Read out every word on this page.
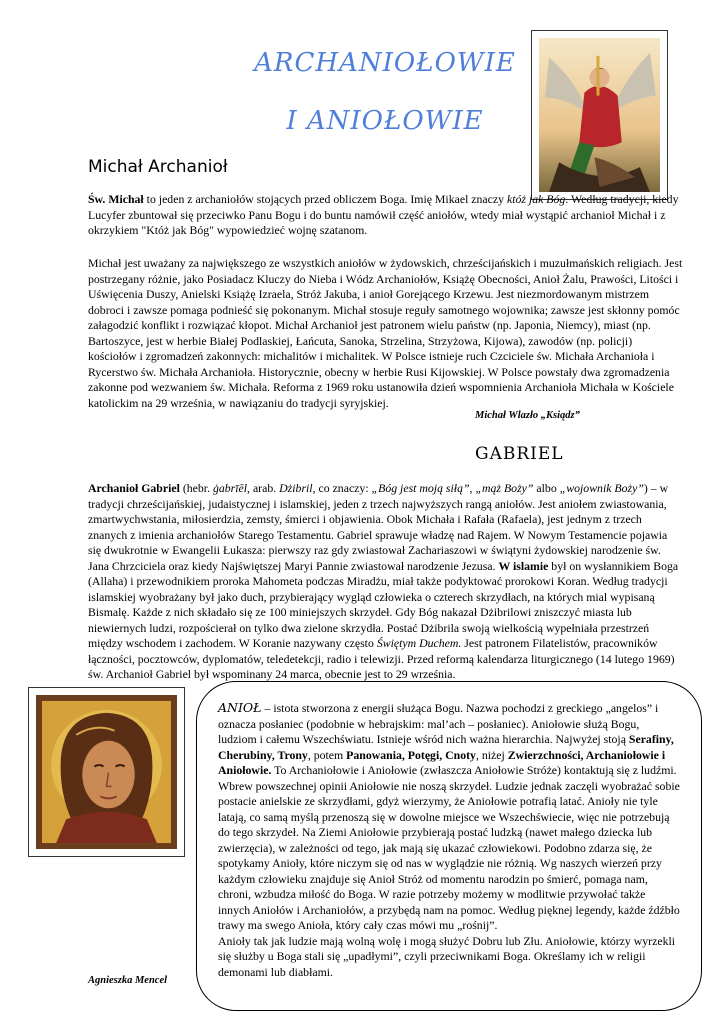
ARCHANIOŁOWIE
I ANIOŁOWIE
Michał Archanioł

Św. Michał to jeden z archaniołów stojących przed obliczem Boga. Imię Mikael znaczy któż jak Bóg. Według tradycji, kiedy Lucyfer zbuntował się przeciwko Panu Bogu i do buntu namówił część aniołów, wtedy miał wystąpić archanioł Michał i z okrzykiem "Któż jak Bóg" wypowiedzieć wojnę szatanom.

Michał jest uważany za największego ze wszystkich aniołów w żydowskich, chrześcijańskich i muzułmańskich religiach. Jest postrzegany różnie, jako Posiadacz Kluczy do Nieba i Wódz Archaniołów, Książę Obecności, Anioł Żalu, Prawości, Litości i Uświęcenia Duszy, Anielski Książę Izraela, Stróż Jakuba, i anioł Gorejącego Krzewu. Jest niezmordowanym mistrzem dobroci i zawsze pomaga podnieść się pokonanym. Michał stosuje reguły samotnego wojownika; zawsze jest skłonny pomóc załagodzić konflikt i rozwiązać kłopot. Michał Archanioł jest patronem wielu państw (np. Japonia, Niemcy), miast (np. Bartoszyce, jest w herbie Białej Podlaskiej, Łańcuta, Sanoka, Strzelina, Strzyżowa, Kijowa), zawodów (np. policji) kościołów i zgromadzeń zakonnych: michalitów i michalitek. W Polsce istnieje ruch Czciciele św. Michała Archanioła i Rycerstwo św. Michała Archanioła. Historycznie, obecny w herbie Rusi Kijowskiej. W Polsce powstały dwa zgromadzenia zakonne pod wezwaniem św. Michała. Reforma z 1969 roku ustanowiła dzień wspomnienia Archanioła Michała w Kościele katolickim na 29 września, w nawiązaniu do tradycji syryjskiej.

Michał Wlazło „Ksiądz”
GABRIEL

Archanioł Gabriel (hebr. ġabrīēl, arab. Dżibril, co znaczy: „Bóg jest moją siłą”, „mąż Boży” albo „wojownik Boży”) – w tradycji chrześcijańskiej, judaistycznej i islamskiej, jeden z trzech najwyższych rangą aniołów. Jest aniołem zwiastowania, zmartwychwstania, miłosierdzia, zemsty, śmierci i objawienia. Obok Michała i Rafała (Rafaela), jest jednym z trzech znanych z imienia archaniołów Starego Testamentu. Gabriel sprawuje władzę nad Rajem. W Nowym Testamencie pojawia się dwukrotnie w Ewangelii Łukasza: pierwszy raz gdy zwiastował Zachariaszowi w świątyni żydowskiej narodzenie św. Jana Chrzciciela oraz kiedy Najświętszej Maryi Pannie zwiastował narodzenie Jezusa. W islamie był on wysłannikiem Boga (Allaha) i przewodnikiem proroka Mahometa podczas Miradżu, miał także podyktować prorokowi Koran. Według tradycji islamskiej wyobrażany był jako duch, przybierający wygląd człowieka o czterech skrzydłach, na których mial wypisaną Bismalę. Każde z nich składało się ze 100 miniejszych skrzydeł. Gdy Bóg nakazał Dżibrilowi zniszczyć miasta lub niewiernych ludzi, rozpościerał on tylko dwa zielone skrzydła. Postać Dżibrila swoją wielkością wypełniała przestrzeń między wschodem i zachodem. W Koranie nazywany często Świętym Duchem. Jest patronem Filatelistów, pracowników łączności, pocztowców, dyplomatów, teledetekcji, radio i telewizji. Przed reformą kalendarza liturgicznego (14 lutego 1969) św. Archanioł Gabriel był wspominany 24 marca, obecnie jest to 29 września.

ANIOŁ – istota stworzona z energii służąca Bogu. Nazwa pochodzi z greckiego „angelos” i oznacza posłaniec (podobnie w hebrajskim: mal’ach – posłaniec). Aniołowie służą Bogu, ludziom i całemu Wszechświatu. Istnieje wśród nich ważna hierarchia. Najwyżej stoją Serafiny, Cherubiny, Trony, potem Panowania, Potęgi, Cnoty, niżej Zwierzchności, Archaniołowie i Aniołowie. To Archaniołowie i Aniołowie (zwłaszcza Aniołowie Stróże) kontaktują się z ludźmi. Wbrew powszechnej opinii Aniołowie nie noszą skrzydeł. Ludzie jednak zaczęli wyobrażać sobie postacie anielskie ze skrzydłami, gdyż wierzymy, że Aniołowie potrafią latać. Anioły nie tyle latają, co samą myślą przenoszą się w dowolne miejsce we Wszechświecie, więc nie potrzebują do tego skrzydeł. Na Ziemi Aniołowie przybierają postać ludzką (nawet małego dziecka lub zwierzęcia), w zależności od tego, jak mają się ukazać człowiekowi. Podobno zdarza się, że spotykamy Anioły, które niczym się od nas w wyglądzie nie różnią. Wg naszych wierzeń przy każdym człowieku znajduje się Anioł Stróż od momentu narodzin po śmierć, pomaga nam, chroni, wzbudza miłość do Boga. W razie potrzeby możemy w modlitwie przywołać także innych Aniołów i Archaniołów, a przybędą nam na pomoc. Według pięknej legendy, każde źdźbło trawy ma swego Anioła, który cały czas mówi mu „rośnij”.
Anioły tak jak ludzie mają wolną wolę i mogą służyć Dobru lub Złu. Aniołowie, którzy wyrzekli się służby u Boga stali się „upadłymi”, czyli przeciwnikami Boga. Określamy ich w religii demonami lub diabłami.

Agnieszka Mencel
